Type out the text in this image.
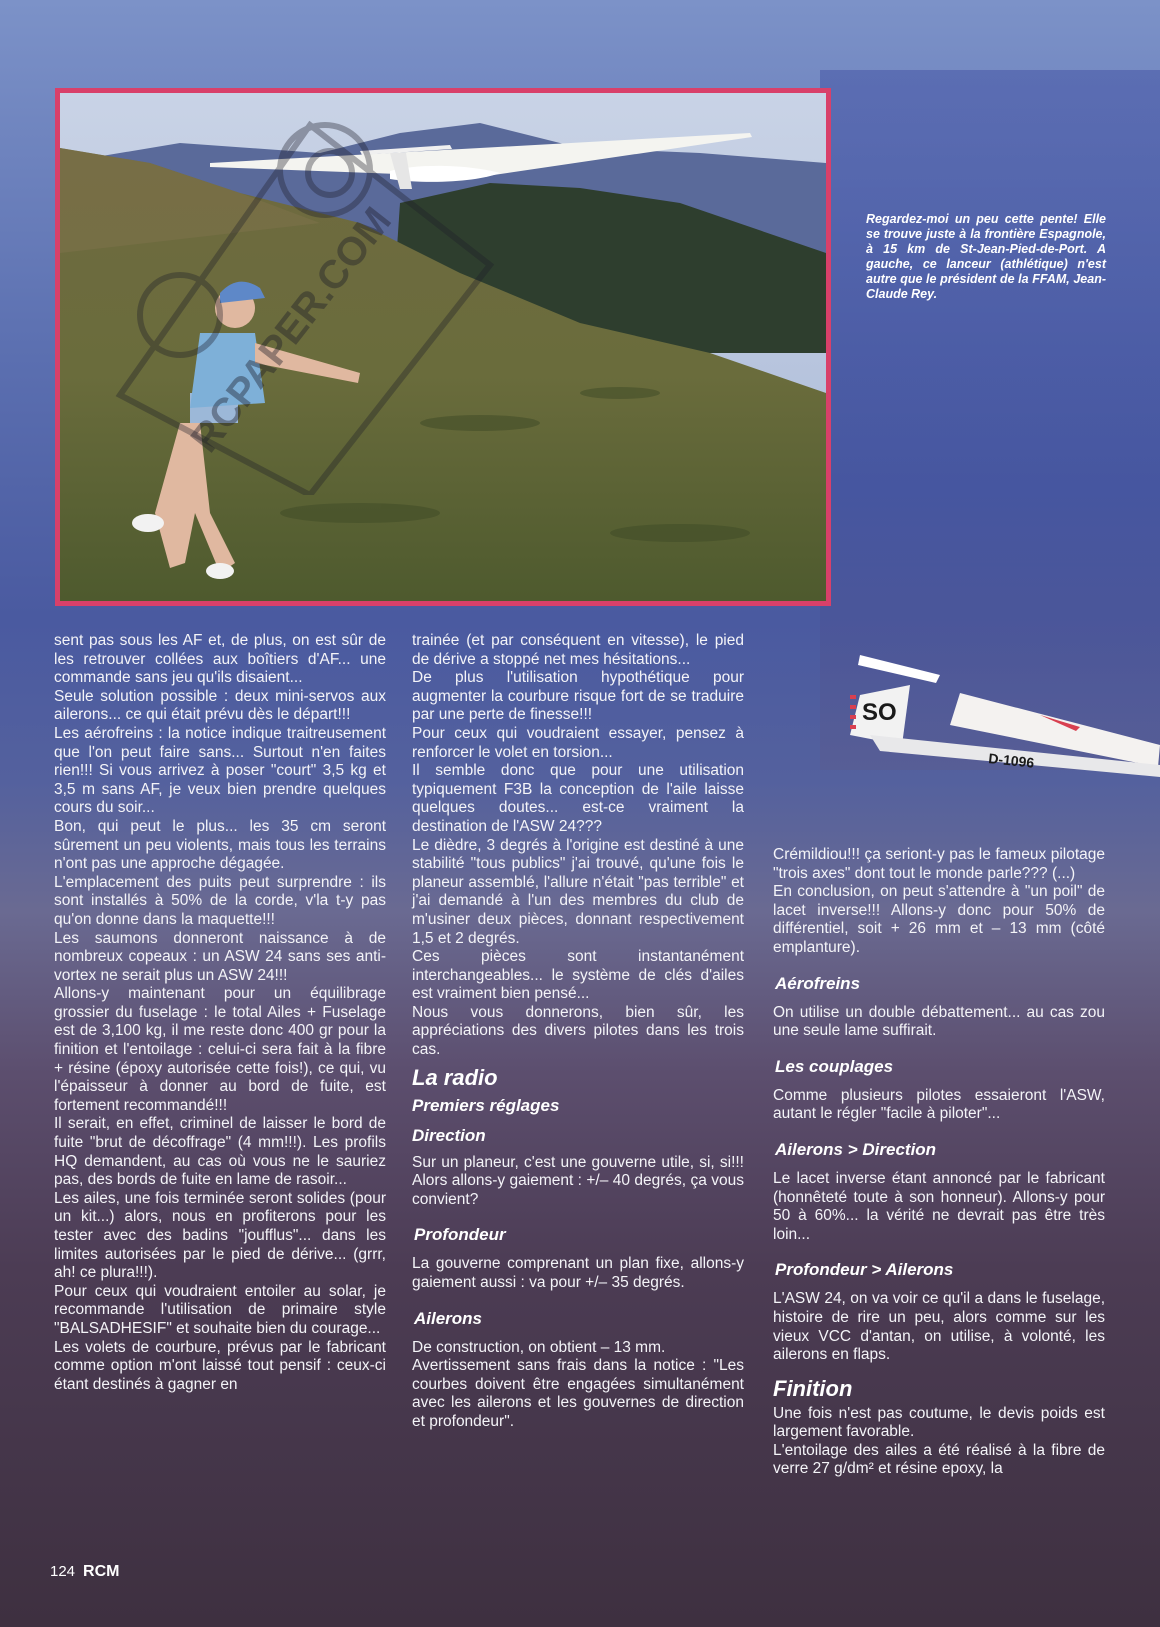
RCPAPER.COM	Regardez-moi un peu cette pente! Elle se trouve juste à la frontière Espagnole, à 15 km de St-Jean-Pied-de-Port. A gauche, ce lanceur (athlétique) n'est autre que le président de la FFAM, Jean-Claude Rey.
SO
D-1096

sent pas sous les AF et, de plus, on est sûr de les retrouver collées aux boîtiers d'AF... une commande sans jeu qu'ils disaient...

Seule solution possible : deux mini-servos aux ailerons... ce qui était prévu dès le départ!!!

Les aérofreins : la notice indique traitreusement que l'on peut faire sans... Surtout n'en faites rien!!! Si vous arrivez à poser "court" 3,5 kg et 3,5 m sans AF, je veux bien prendre quelques cours du soir...

Bon, qui peut le plus... les 35 cm seront sûrement un peu violents, mais tous les terrains n'ont pas une approche dégagée.

L'emplacement des puits peut surprendre : ils sont installés à 50% de la corde, v'la t-y pas qu'on donne dans la maquette!!!

Les saumons donneront naissance à de nombreux copeaux : un ASW 24 sans ses anti-vortex ne serait plus un ASW 24!!!

Allons-y maintenant pour un équilibrage grossier du fuselage : le total Ailes + Fuselage est de 3,100 kg, il me reste donc 400 gr pour la finition et l'entoilage : celui-ci sera fait à la fibre + résine (époxy autorisée cette fois!), ce qui, vu l'épaisseur à donner au bord de fuite, est fortement recommandé!!!

Il serait, en effet, criminel de laisser le bord de fuite "brut de décoffrage" (4 mm!!!). Les profils HQ demandent, au cas où vous ne le sauriez pas, des bords de fuite en lame de rasoir...

Les ailes, une fois terminée seront solides (pour un kit...) alors, nous en profiterons pour les tester avec des badins "joufflus"... dans les limites autorisées par le pied de dérive... (grrr, ah! ce plura!!!).

Pour ceux qui voudraient entoiler au solar, je recommande l'utilisation de primaire style "BALSADHESIF" et souhaite bien du courage...

Les volets de courbure, prévus par le fabricant comme option m'ont laissé tout pensif : ceux-ci étant destinés à gagner en

trainée (et par conséquent en vitesse), le pied de dérive a stoppé net mes hésitations...

De plus l'utilisation hypothétique pour augmenter la courbure risque fort de se traduire par une perte de finesse!!!

Pour ceux qui voudraient essayer, pensez à renforcer le volet en torsion...

Il semble donc que pour une utilisation typiquement F3B la conception de l'aile laisse quelques doutes... est-ce vraiment la destination de l'ASW 24???

Le dièdre, 3 degrés à l'origine est destiné à une stabilité "tous publics" j'ai trouvé, qu'une fois le planeur assemblé, l'allure n'était "pas terrible" et j'ai demandé à l'un des membres du club de m'usiner deux pièces, donnant respectivement 1,5 et 2 degrés.

Ces pièces sont instantanément interchangeables... le système de clés d'ailes est vraiment bien pensé...

Nous vous donnerons, bien sûr, les appréciations des divers pilotes dans les trois cas.

La radio
Premiers réglages
Direction

Sur un planeur, c'est une gouverne utile, si, si!!! Alors allons-y gaiement : +/– 40 degrés, ça vous convient?

Profondeur

La gouverne comprenant un plan fixe, allons-y gaiement aussi : va pour +/– 35 degrés.

Ailerons

De construction, on obtient – 13 mm.

Avertissement sans frais dans la notice : "Les courbes doivent être engagées simultanément avec les ailerons et les gouvernes de direction et profondeur".

Crémildiou!!! ça seriont-y pas le fameux pilotage "trois axes" dont tout le monde parle??? (...)

En conclusion, on peut s'attendre à "un poil" de lacet inverse!!! Allons-y donc pour 50% de différentiel, soit + 26 mm et – 13 mm (côté emplanture).

Aérofreins

On utilise un double débattement... au cas zou une seule lame suffirait.

Les couplages

Comme plusieurs pilotes essaieront l'ASW, autant le régler "facile à piloter"...

Ailerons > Direction

Le lacet inverse étant annoncé par le fabricant (honnêteté toute à son honneur). Allons-y pour 50 à 60%... la vérité ne devrait pas être très loin...

Profondeur > Ailerons

L'ASW 24, on va voir ce qu'il a dans le fuselage, histoire de rire un peu, alors comme sur les vieux VCC d'antan, on utilise, à volonté, les ailerons en flaps.

Finition

Une fois n'est pas coutume, le devis poids est largement favorable.

L'entoilage des ailes a été réalisé à la fibre de verre 27 g/dm² et résine epoxy, la

124 RCM
